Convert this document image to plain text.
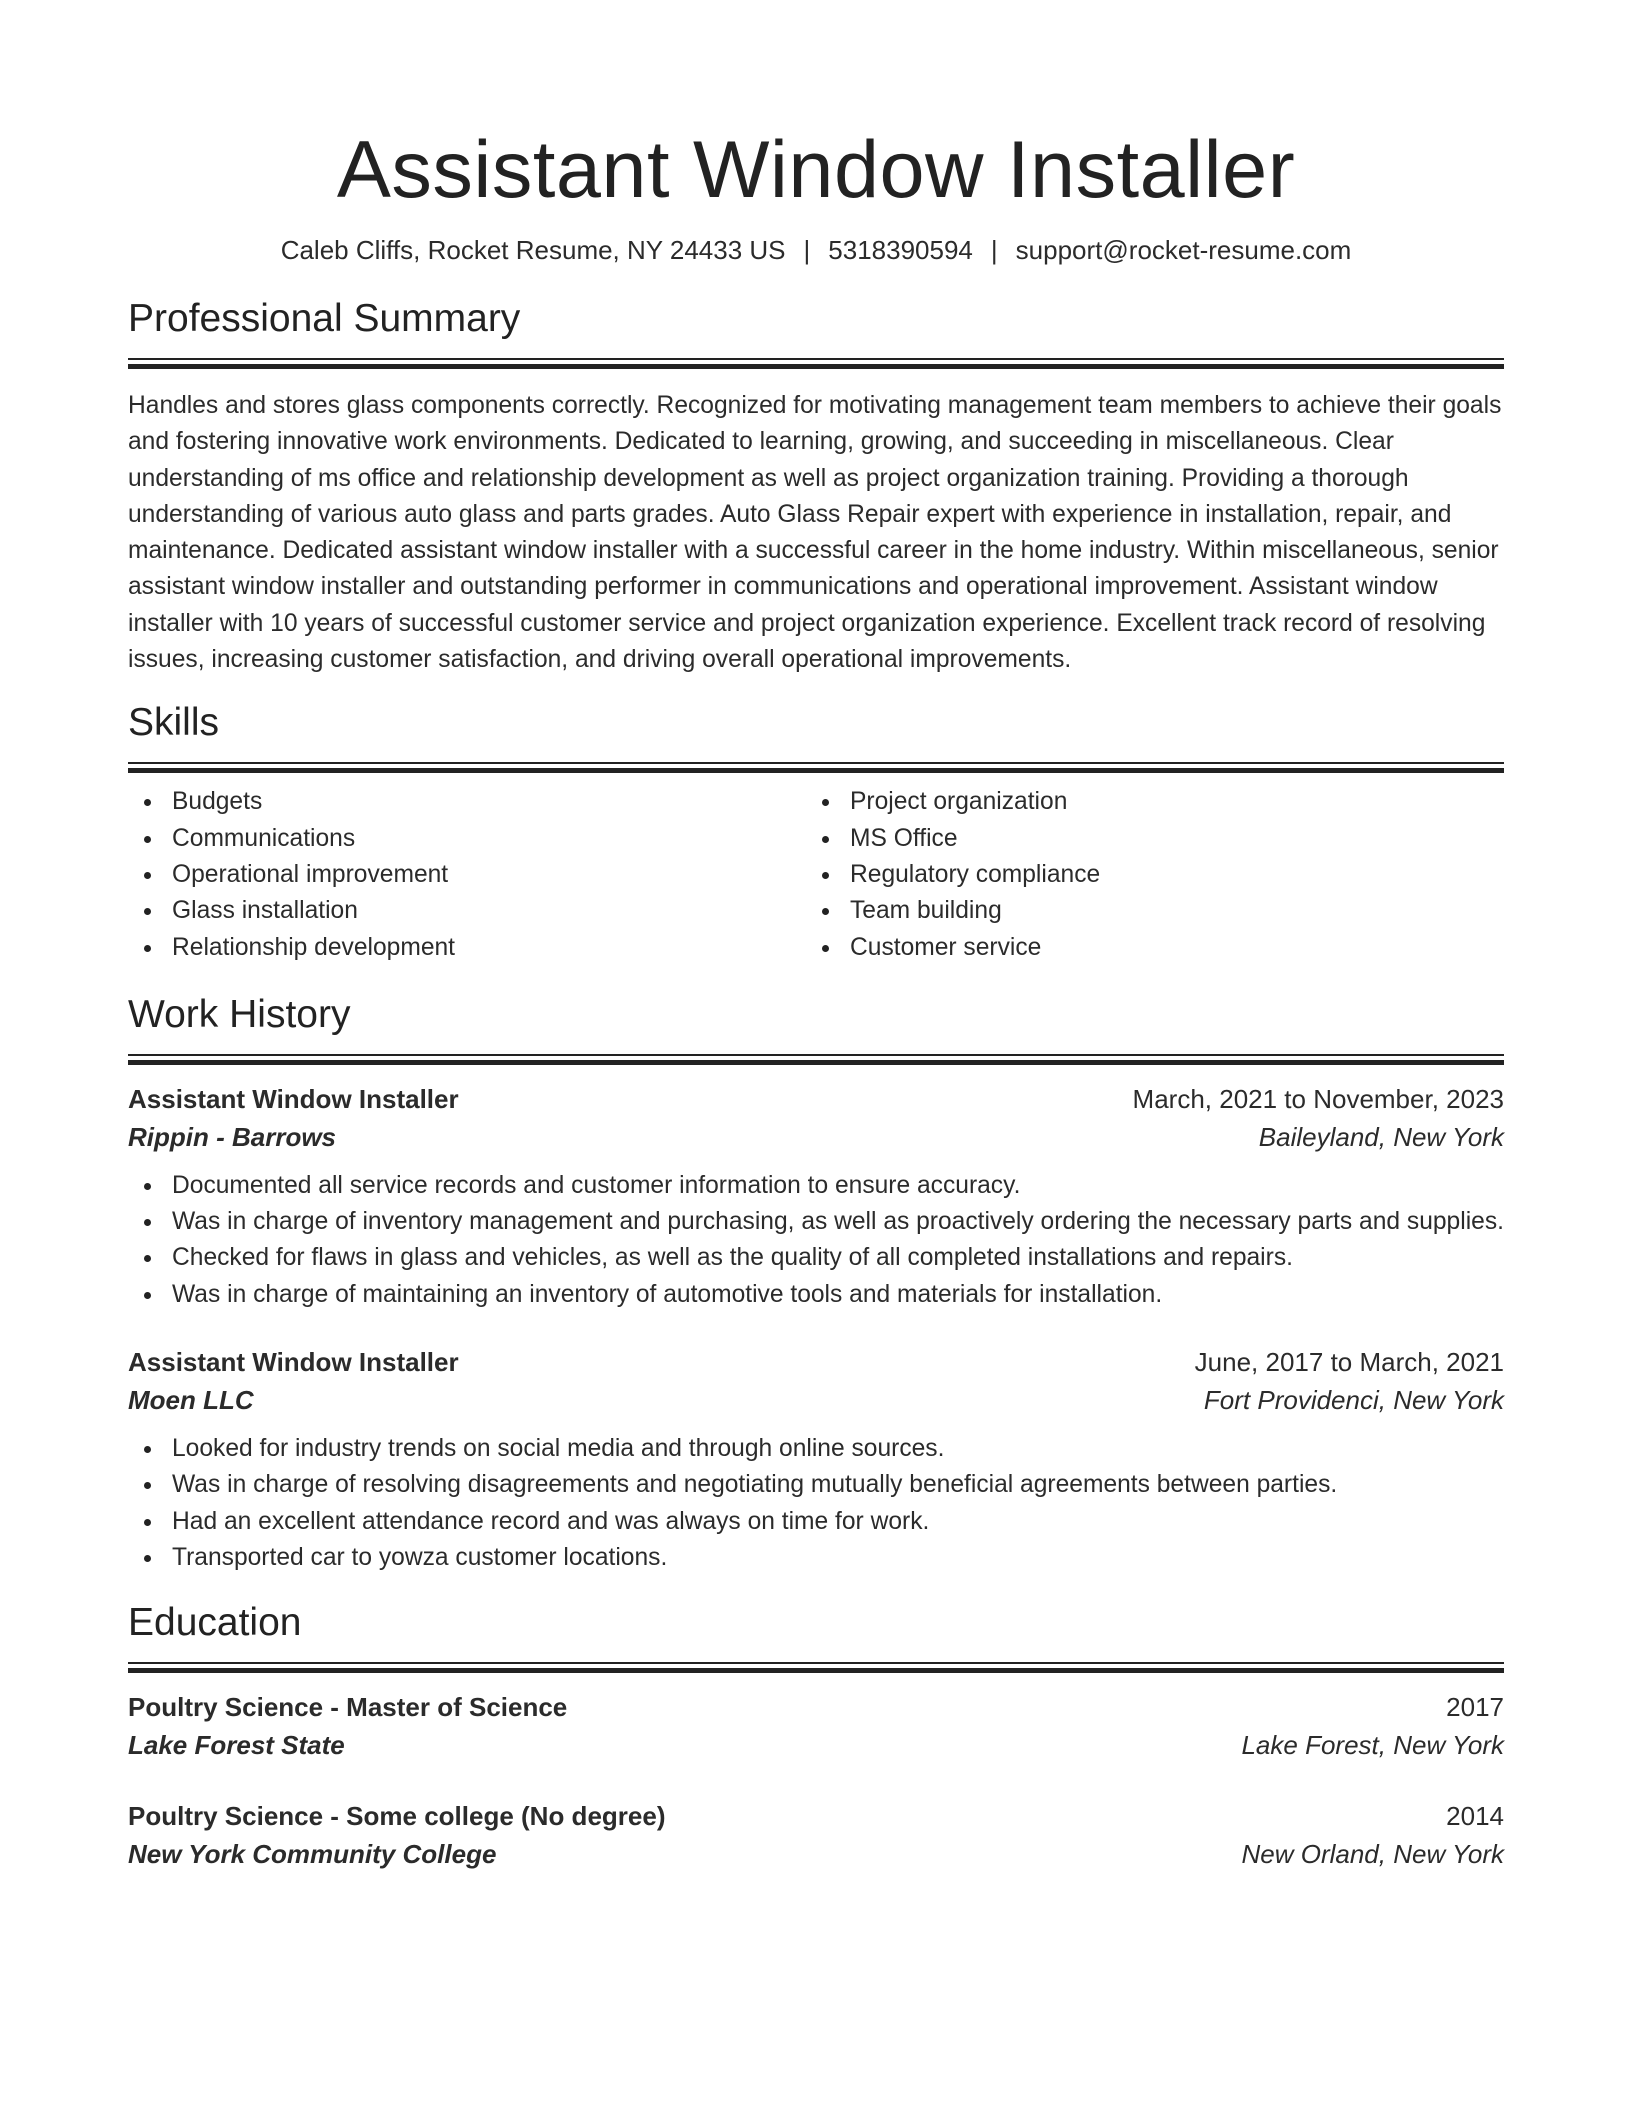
Assistant Window Installer
Caleb Cliffs, Rocket Resume, NY 24433 US | 5318390594 | support@rocket-resume.com
Professional Summary
Handles and stores glass components correctly. Recognized for motivating management team members to achieve their goals and fostering innovative work environments. Dedicated to learning, growing, and succeeding in miscellaneous. Clear understanding of ms office and relationship development as well as project organization training. Providing a thorough understanding of various auto glass and parts grades. Auto Glass Repair expert with experience in installation, repair, and maintenance. Dedicated assistant window installer with a successful career in the home industry. Within miscellaneous, senior assistant window installer and outstanding performer in communications and operational improvement. Assistant window installer with 10 years of successful customer service and project organization experience. Excellent track record of resolving issues, increasing customer satisfaction, and driving overall operational improvements.
Skills
Budgets
Communications
Operational improvement
Glass installation
Relationship development
Project organization
MS Office
Regulatory compliance
Team building
Customer service
Work History
Assistant Window Installer	March, 2021 to November, 2023
Rippin - Barrows	Baileyland, New York
Documented all service records and customer information to ensure accuracy.
Was in charge of inventory management and purchasing, as well as proactively ordering the necessary parts and supplies.
Checked for flaws in glass and vehicles, as well as the quality of all completed installations and repairs.
Was in charge of maintaining an inventory of automotive tools and materials for installation.
Assistant Window Installer	June, 2017 to March, 2021
Moen LLC	Fort Providenci, New York
Looked for industry trends on social media and through online sources.
Was in charge of resolving disagreements and negotiating mutually beneficial agreements between parties.
Had an excellent attendance record and was always on time for work.
Transported car to yowza customer locations.
Education
Poultry Science - Master of Science	2017
Lake Forest State	Lake Forest, New York
Poultry Science - Some college (No degree)	2014
New York Community College	New Orland, New York
